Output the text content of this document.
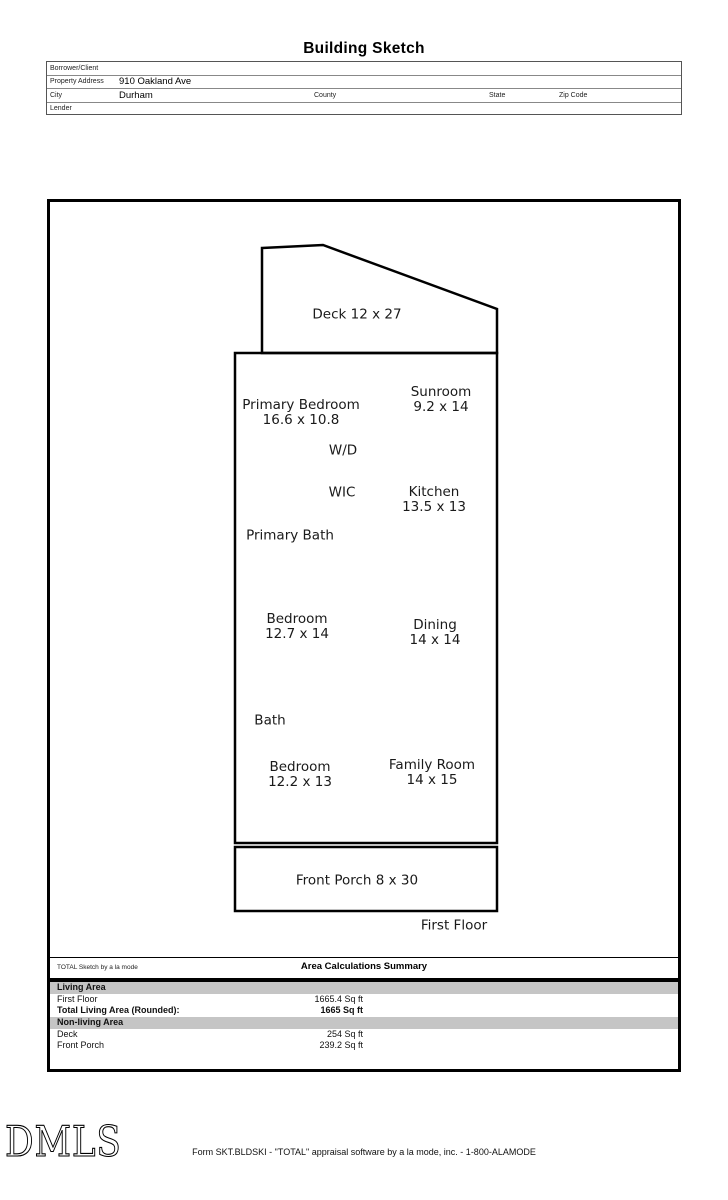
Building Sketch
Borrower/Client
Property Address 910 Oakland Ave
City	Durham	County	State	Zip Code
Lender
Deck 12 x 27
Primary Bedroom
16.6 x 10.8
Sunroom
9.2 x 14
W/D
WIC	Kitchen
13.5 x 13
Primary Bath
Bedroom
12.7 x 14
Dining
14 x 14
Bath
Bedroom
12.2 x 13
Family Room
14 x 15
Front Porch 8 x 30
First Floor
TOTAL Sketch by a la mode	Area Calculations Summary
Living Area
First Floor	1665.4 Sq ft
Total Living Area (Rounded):	1665 Sq ft
Non-living Area
Deck	254 Sq ft
Front Porch	239.2 Sq ft
DMLS	Form SKT.BLDSKI - "TOTAL" appraisal software by a la mode, inc. - 1-800-ALAMODE
